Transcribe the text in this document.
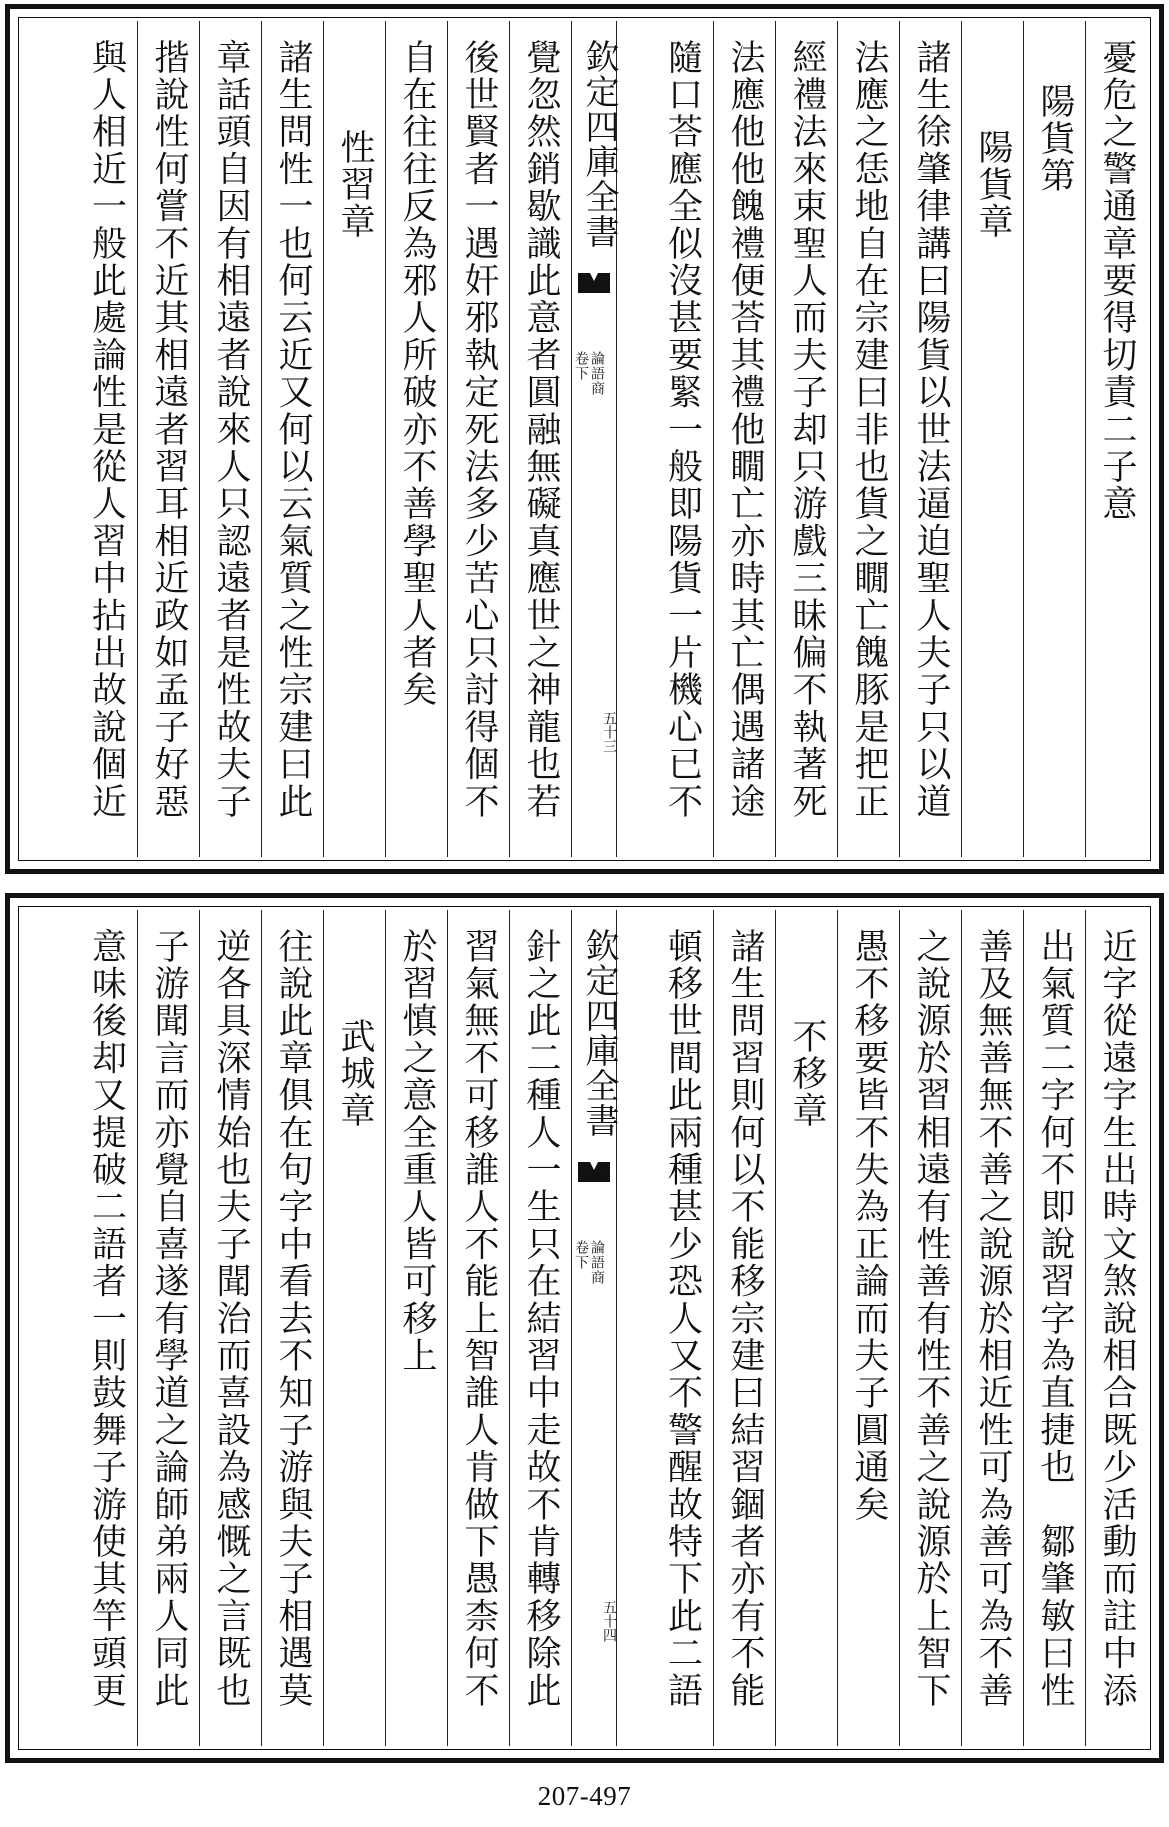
憂危之警通章要得切責二子意
陽貨第
陽貨章
諸生徐肇律講曰陽貨以世法逼迫聖人夫子只以道
法應之恁地自在宗建曰非也貨之瞯亡餽豚是把正
經禮法來束聖人而夫子却只游戲三昧偏不執著死
法應他他餽禮便荅其禮他瞯亡亦時其亡偶遇諸途
隨口荅應全似沒甚要緊一般即陽貨一片機心已不
欽定四庫全書
論語商
卷下
五十三
覺忽然銷歇識此意者圓融無礙真應世之神龍也若
後世賢者一遇奸邪執定死法多少苦心只討得個不
自在往往反為邪人所破亦不善學聖人者矣
性習章
諸生問性一也何云近又何以云氣質之性宗建曰此
章話頭自因有相遠者說來人只認遠者是性故夫子
揩說性何嘗不近其相遠者習耳相近政如孟子好惡
與人相近一般此處論性是從人習中拈出故說個近
近字從遠字生出時文煞說相合既少活動而註中添
出氣質二字何不即說習字為直捷也　鄒肇敏曰性
善及無善無不善之說源於相近性可為善可為不善
之說源於習相遠有性善有性不善之說源於上智下
愚不移要皆不失為正論而夫子圓通矣
不移章
諸生問習則何以不能移宗建曰結習錮者亦有不能
頓移世間此兩種甚少恐人又不警醒故特下此二語
欽定四庫全書
論語商
卷下
五十四
針之此二種人一生只在結習中走故不肯轉移除此
習氣無不可移誰人不能上智誰人肯做下愚柰何不
於習慎之意全重人皆可移上
武城章
往說此章俱在句字中看去不知子游與夫子相遇莫
逆各具深情始也夫子聞治而喜設為感慨之言既也
子游聞言而亦覺自喜遂有學道之論師弟兩人同此
意味後却又提破二語者一則鼓舞子游使其竿頭更
207-497
